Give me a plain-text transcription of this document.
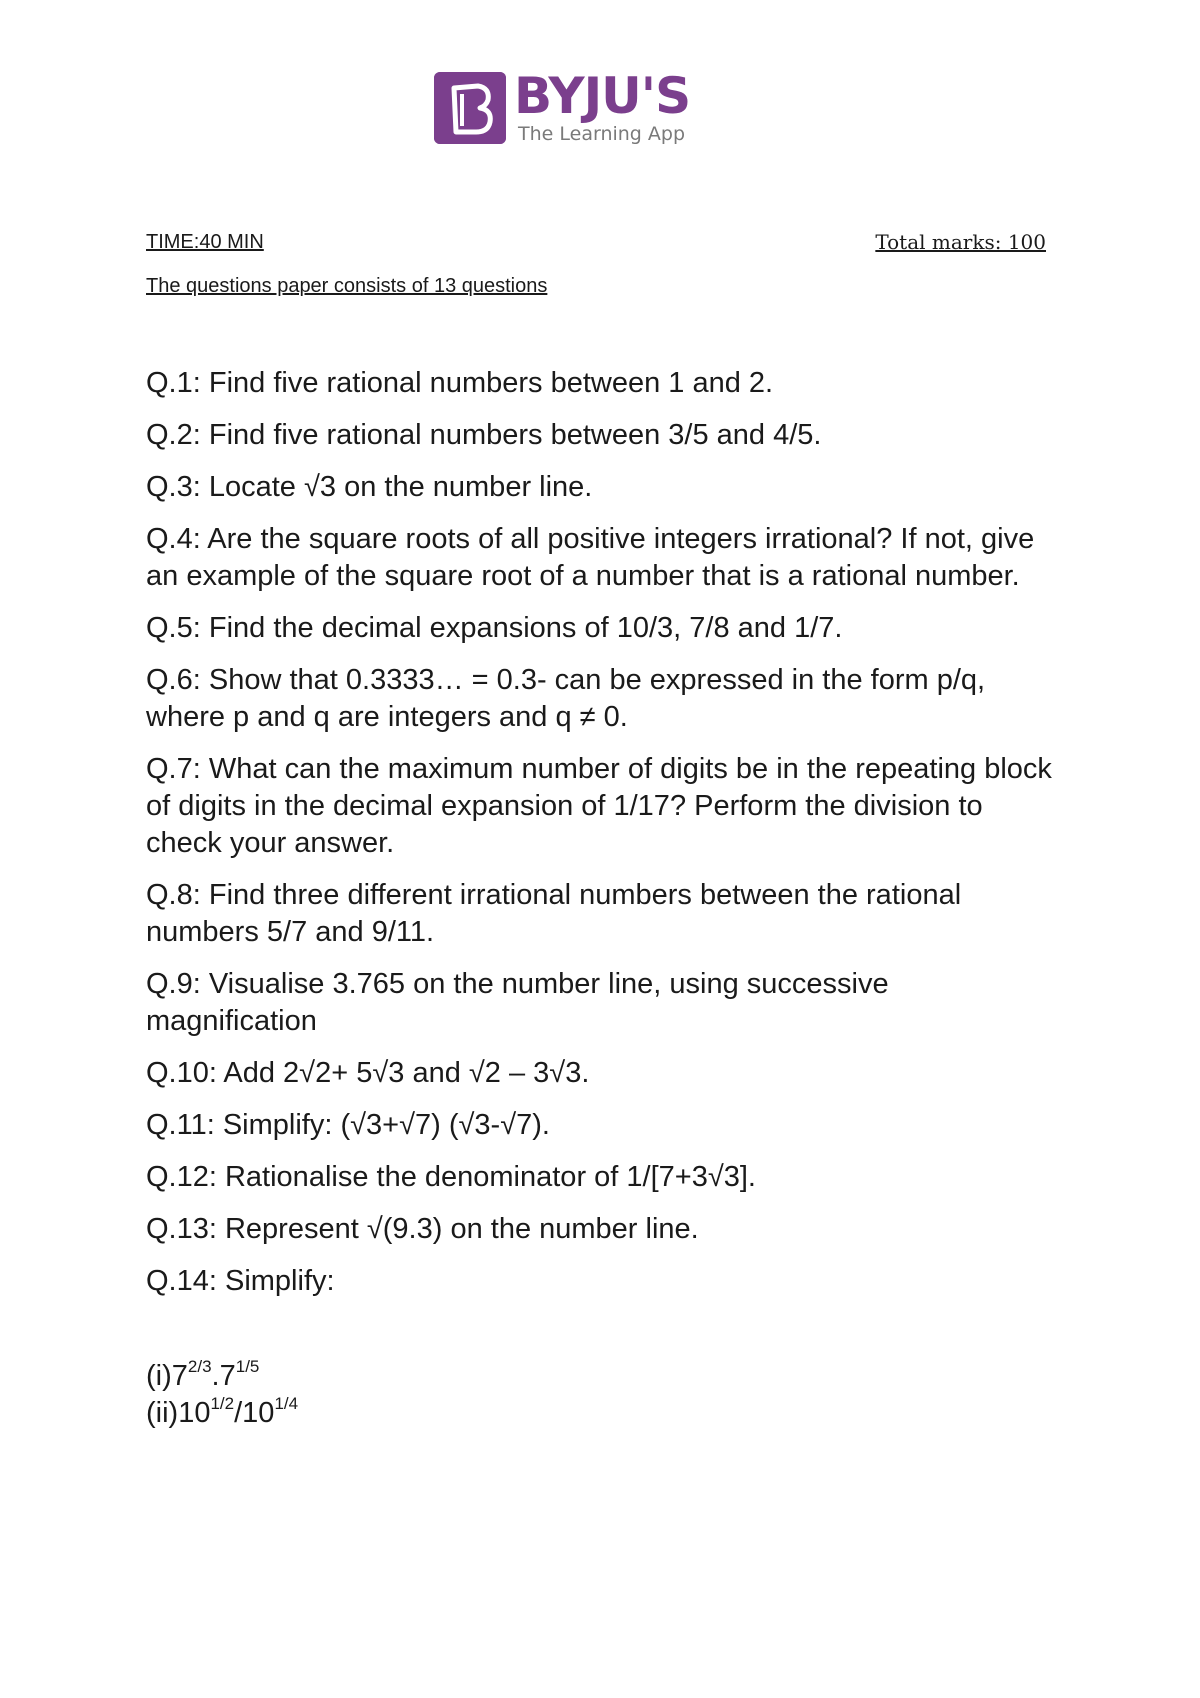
BYJU'S
The Learning App
TIME:40 MIN	Total marks: 100
The questions paper consists of 13 questions
Q.1: Find five rational numbers between 1 and 2.
Q.2: Find five rational numbers between 3/5 and 4/5.
Q.3: Locate √3 on the number line.
Q.4: Are the square roots of all positive integers irrational? If not, give an example of the square root of a number that is a rational number.
Q.5: Find the decimal expansions of 10/3, 7/8 and 1/7.
Q.6: Show that 0.3333… = 0.3- can be expressed in the form p/q, where p and q are integers and q ≠ 0.
Q.7: What can the maximum number of digits be in the repeating block of digits in the decimal expansion of 1/17? Perform the division to check your answer.
Q.8: Find three different irrational numbers between the rational numbers 5/7 and 9/11.
Q.9: Visualise 3.765 on the number line, using successive magnification
Q.10: Add 2√2+ 5√3 and √2 – 3√3.
Q.11: Simplify: (√3+√7) (√3-√7).
Q.12: Rationalise the denominator of 1/[7+3√3].
Q.13: Represent √(9.3) on the number line.
Q.14: Simplify:
$(i)7^{2/3}.7^{1/5}$
$(ii)10^{1/2}/10^{1/4}$
